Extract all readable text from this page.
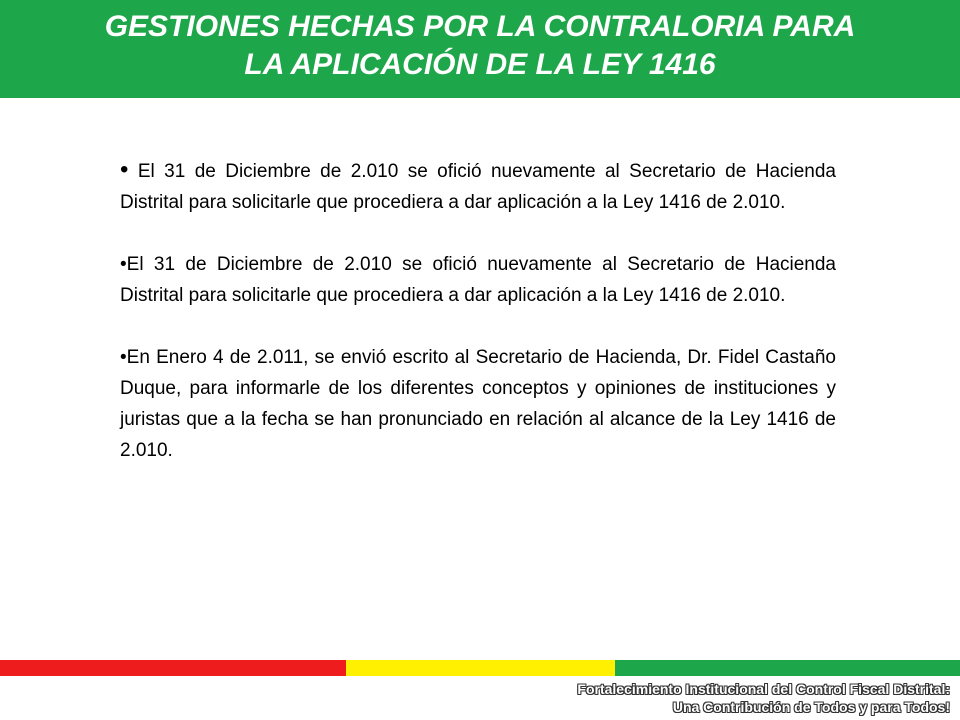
GESTIONES HECHAS POR LA CONTRALORIA PARA
LA APLICACIÓN DE LA LEY 1416

• El 31 de Diciembre de 2.010 se ofició nuevamente al Secretario de Hacienda Distrital para solicitarle que procediera a dar aplicación a la Ley 1416 de 2.010.

•El 31 de Diciembre de 2.010 se ofició nuevamente al Secretario de Hacienda Distrital para solicitarle que procediera a dar aplicación a la Ley 1416 de 2.010.

•En Enero 4 de 2.011, se envió escrito al Secretario de Hacienda, Dr. Fidel Castaño Duque, para informarle de los diferentes conceptos y opiniones de instituciones y juristas que a la fecha se han pronunciado en relación al alcance de la Ley 1416 de 2.010.

Fortalecimiento Institucional del Control Fiscal Distrital:
Una Contribución de Todos y para Todos!
